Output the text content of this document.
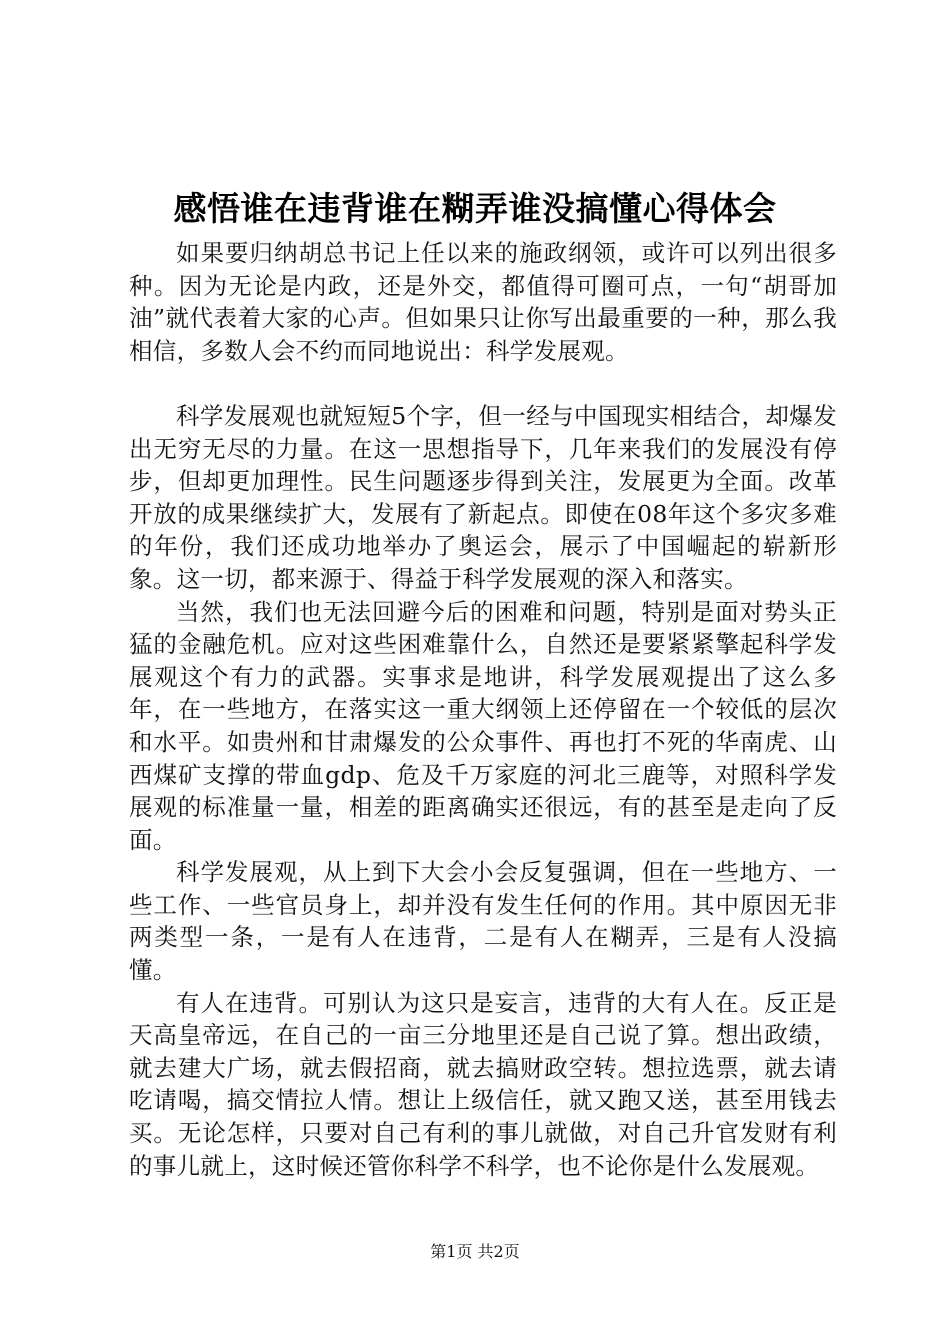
感悟谁在违背谁在糊弄谁没搞懂心得体会

如果要归纳胡总书记上任以来的施政纲领，或许可以列出很多种。因为无论是内政，还是外交，都值得可圈可点，一句“胡哥加油”就代表着大家的心声。但如果只让你写出最重要的一种，那么我相信，多数人会不约而同地说出：科学发展观。

科学发展观也就短短5个字，但一经与中国现实相结合，却爆发出无穷无尽的力量。在这一思想指导下，几年来我们的发展没有停步，但却更加理性。民生问题逐步得到关注，发展更为全面。改革开放的成果继续扩大，发展有了新起点。即使在08年这个多灾多难的年份，我们还成功地举办了奥运会，展示了中国崛起的崭新形象。这一切，都来源于、得益于科学发展观的深入和落实。

当然，我们也无法回避今后的困难和问题，特别是面对势头正猛的金融危机。应对这些困难靠什么，自然还是要紧紧擎起科学发展观这个有力的武器。实事求是地讲，科学发展观提出了这么多年，在一些地方，在落实这一重大纲领上还停留在一个较低的层次和水平。如贵州和甘肃爆发的公众事件、再也打不死的华南虎、山西煤矿支撑的带血gdp、危及千万家庭的河北三鹿等，对照科学发展观的标准量一量，相差的距离确实还很远，有的甚至是走向了反面。

科学发展观，从上到下大会小会反复强调，但在一些地方、一些工作、一些官员身上，却并没有发生任何的作用。其中原因无非两类型一条，一是有人在违背，二是有人在糊弄，三是有人没搞懂。

有人在违背。可别认为这只是妄言，违背的大有人在。反正是天高皇帝远，在自己的一亩三分地里还是自己说了算。想出政绩，就去建大广场，就去假招商，就去搞财政空转。想拉选票，就去请吃请喝，搞交情拉人情。想让上级信任，就又跑又送，甚至用钱去买。无论怎样，只要对自己有利的事儿就做，对自己升官发财有利的事儿就上，这时候还管你科学不科学，也不论你是什么发展观。

第1页 共2页
